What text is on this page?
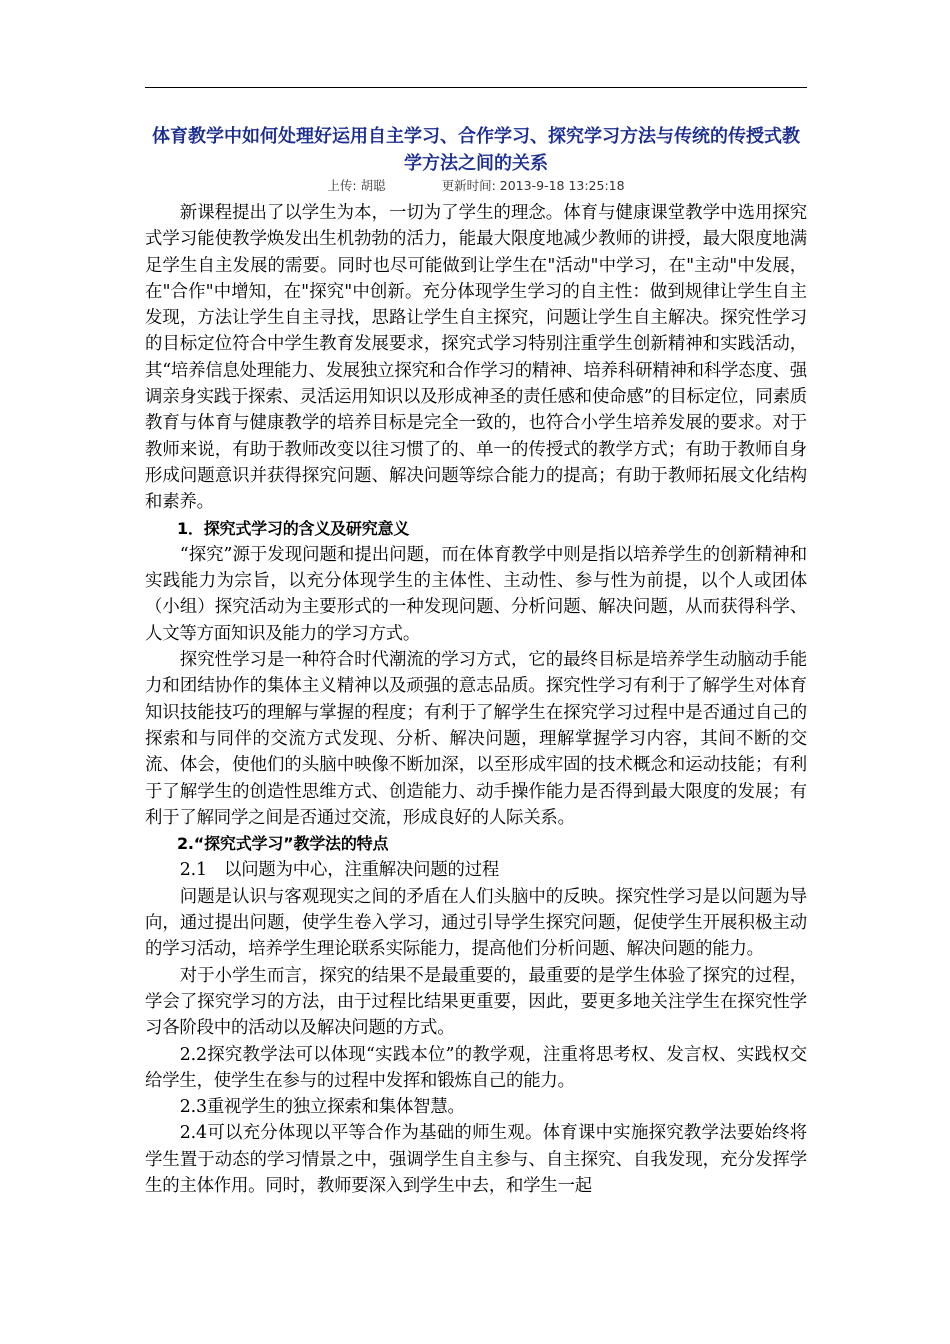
体育教学中如何处理好运用自主学习、合作学习、探究学习方法与传统的传授式教学方法之间的关系
上传: 胡聪	更新时间: 2013-9-18 13:25:18

新课程提出了以学生为本，一切为了学生的理念。体育与健康课堂教学中选用探究式学习能使教学焕发出生机勃勃的活力，能最大限度地减少教师的讲授，最大限度地满足学生自主发展的需要。同时也尽可能做到让学生在"活动"中学习，在"主动"中发展，在"合作"中增知，在"探究"中创新。充分体现学生学习的自主性：做到规律让学生自主发现，方法让学生自主寻找，思路让学生自主探究，问题让学生自主解决。探究性学习的目标定位符合中学生教育发展要求，探究式学习特别注重学生创新精神和实践活动，其“培养信息处理能力、发展独立探究和合作学习的精神、培养科研精神和科学态度、强调亲身实践于探索、灵活运用知识以及形成神圣的责任感和使命感”的目标定位，同素质教育与体育与健康教学的培养目标是完全一致的，也符合小学生培养发展的要求。对于教师来说，有助于教师改变以往习惯了的、单一的传授式的教学方式；有助于教师自身形成问题意识并获得探究问题、解决问题等综合能力的提高；有助于教师拓展文化结构和素养。

1．探究式学习的含义及研究意义

“探究”源于发现问题和提出问题，而在体育教学中则是指以培养学生的创新精神和实践能力为宗旨，以充分体现学生的主体性、主动性、参与性为前提，以个人或团体（小组）探究活动为主要形式的一种发现问题、分析问题、解决问题，从而获得科学、人文等方面知识及能力的学习方式。

探究性学习是一种符合时代潮流的学习方式，它的最终目标是培养学生动脑动手能力和团结协作的集体主义精神以及顽强的意志品质。探究性学习有利于了解学生对体育知识技能技巧的理解与掌握的程度；有利于了解学生在探究学习过程中是否通过自己的探索和与同伴的交流方式发现、分析、解决问题，理解掌握学习内容，其间不断的交流、体会，使他们的头脑中映像不断加深，以至形成牢固的技术概念和运动技能；有利于了解学生的创造性思维方式、创造能力、动手操作能力是否得到最大限度的发展；有利于了解同学之间是否通过交流，形成良好的人际关系。

2.“探究式学习”教学法的特点

2.1　以问题为中心，注重解决问题的过程

问题是认识与客观现实之间的矛盾在人们头脑中的反映。探究性学习是以问题为导向，通过提出问题，使学生卷入学习，通过引导学生探究问题，促使学生开展积极主动的学习活动，培养学生理论联系实际能力，提高他们分析问题、解决问题的能力。

对于小学生而言，探究的结果不是最重要的，最重要的是学生体验了探究的过程，学会了探究学习的方法，由于过程比结果更重要，因此，要更多地关注学生在探究性学习各阶段中的活动以及解决问题的方式。

2.2探究教学法可以体现“实践本位”的教学观，注重将思考权、发言权、实践权交给学生，使学生在参与的过程中发挥和锻炼自己的能力。

2.3重视学生的独立探索和集体智慧。

2.4可以充分体现以平等合作为基础的师生观。体育课中实施探究教学法要始终将学生置于动态的学习情景之中，强调学生自主参与、自主探究、自我发现，充分发挥学生的主体作用。同时，教师要深入到学生中去，和学生一起
